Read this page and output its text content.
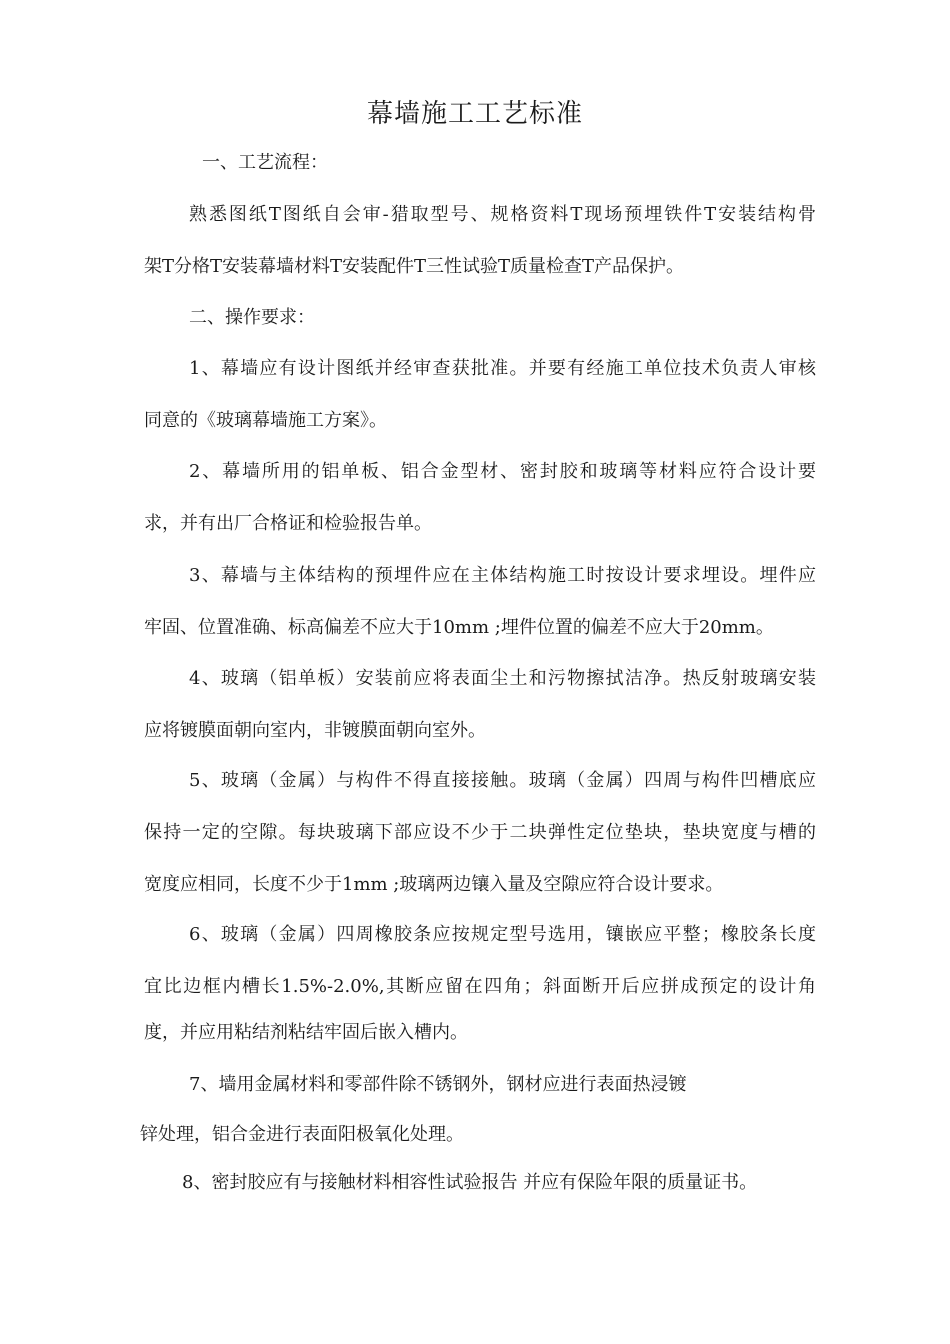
幕墙施工工艺标准
一、工艺流程：
熟悉图纸T图纸自会审-猎取型号、规格资料T现场预埋铁件T安装结构骨
架T分格T安装幕墙材料T安装配件T三性试验T质量检查T产品保护。
二、操作要求：
1、幕墙应有设计图纸并经审查获批准。并要有经施工单位技术负责人审核
同意的《玻璃幕墙施工方案》。
2、幕墙所用的铝单板、铝合金型材、密封胶和玻璃等材料应符合设计要
求，并有出厂合格证和检验报告单。
3、幕墙与主体结构的预埋件应在主体结构施工时按设计要求埋设。埋件应
牢固、位置准确、标高偏差不应大于10mm ;埋件位置的偏差不应大于20mm。
4、玻璃（铝单板）安装前应将表面尘土和污物擦拭洁净。热反射玻璃安装
应将镀膜面朝向室内，非镀膜面朝向室外。
5、玻璃（金属）与构件不得直接接触。玻璃（金属）四周与构件凹槽底应
保持一定的空隙。每块玻璃下部应设不少于二块弹性定位垫块，垫块宽度与槽的
宽度应相同，长度不少于1mm ;玻璃两边镶入量及空隙应符合设计要求。
6、玻璃（金属）四周橡胶条应按规定型号选用，镶嵌应平整；橡胶条长度
宜比边框内槽长1.5%-2.0%,其断应留在四角；斜面断开后应拼成预定的设计角
度，并应用粘结剂粘结牢固后嵌入槽内。
7、墙用金属材料和零部件除不锈钢外，钢材应进行表面热浸镀
锌处理，铝合金进行表面阳极氧化处理。
8、密封胶应有与接触材料相容性试验报告 并应有保险年限的质量证书。
